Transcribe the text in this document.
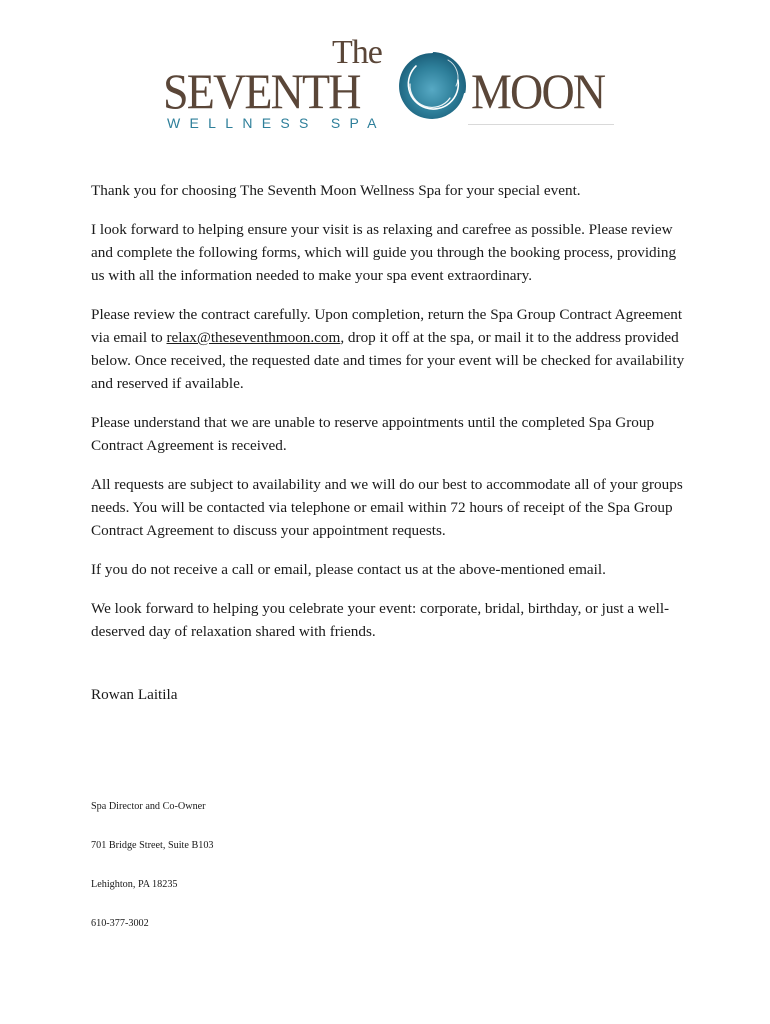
The
SEVENTH MOON
WELLNESS SPA

Thank you for choosing The Seventh Moon Wellness Spa for your special event.

I look forward to helping ensure your visit is as relaxing and carefree as possible. Please review and complete the following forms, which will guide you through the booking process, providing us with all the information needed to make your spa event extraordinary.

Please review the contract carefully. Upon completion, return the Spa Group Contract Agreement via email to relax@theseventhmoon.com, drop it off at the spa, or mail it to the address provided below. Once received, the requested date and times for your event will be checked for availability and reserved if available.

Please understand that we are unable to reserve appointments until the completed Spa Group Contract Agreement is received.

All requests are subject to availability and we will do our best to accommodate all of your groups needs. You will be contacted via telephone or email within 72 hours of receipt of the Spa Group Contract Agreement to discuss your appointment requests.

If you do not receive a call or email, please contact us at the above-mentioned email.

We look forward to helping you celebrate your event: corporate, bridal, birthday, or just a well-deserved day of relaxation shared with friends.

Rowan Laitila
Spa Director and Co-Owner
701 Bridge Street, Suite B103
Lehighton, PA 18235
610-377-3002
